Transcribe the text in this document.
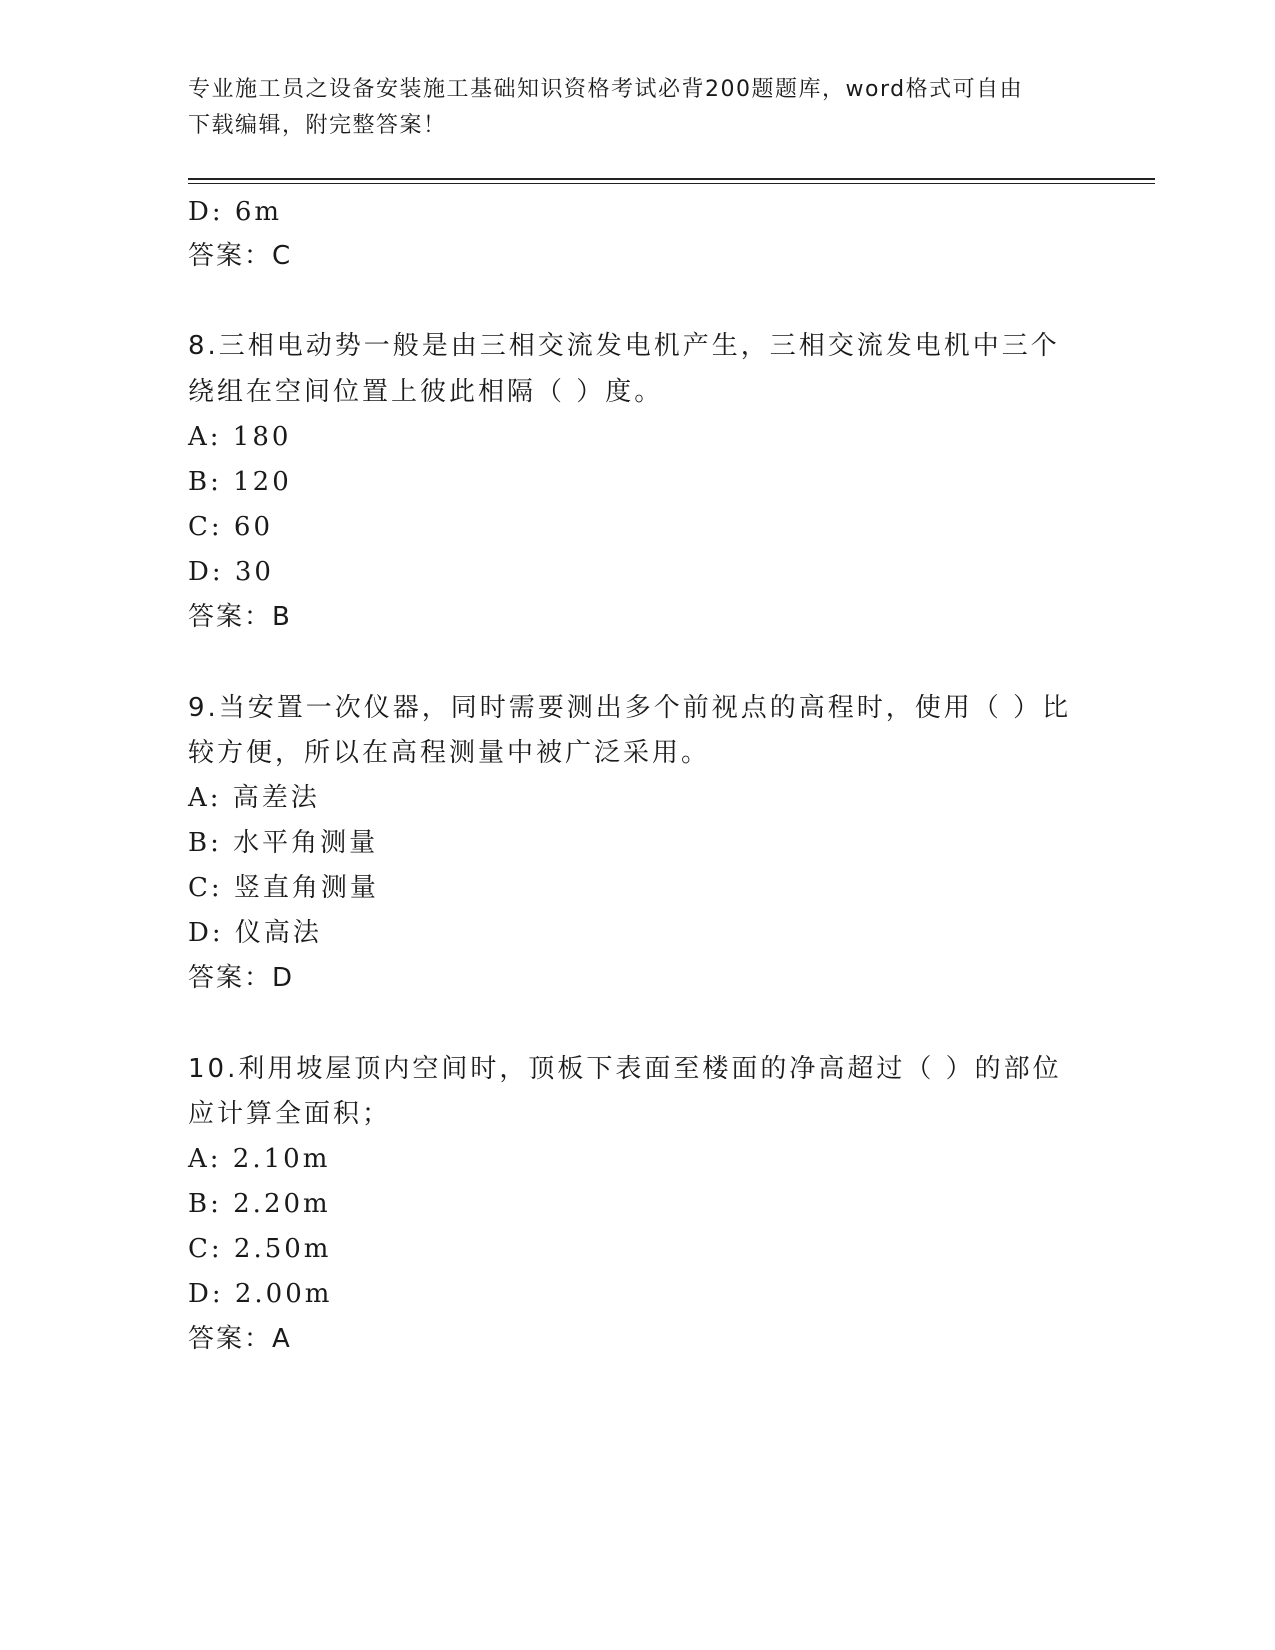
专业施工员之设备安装施工基础知识资格考试必背200题题库，word格式可自由
下载编辑，附完整答案！
D: 6m
答案：C
8.三相电动势一般是由三相交流发电机产生，三相交流发电机中三个
绕组在空间位置上彼此相隔（ ）度。
A: 180
B: 120
C: 60
D: 30
答案：B
9.当安置一次仪器，同时需要测出多个前视点的高程时，使用（ ）比
较方便，所以在高程测量中被广泛采用。
A: 高差法
B: 水平角测量
C: 竖直角测量
D: 仪高法
答案：D
10.利用坡屋顶内空间时，顶板下表面至楼面的净高超过（ ）的部位
应计算全面积；
A: 2.10m
B: 2.20m
C: 2.50m
D: 2.00m
答案：A
